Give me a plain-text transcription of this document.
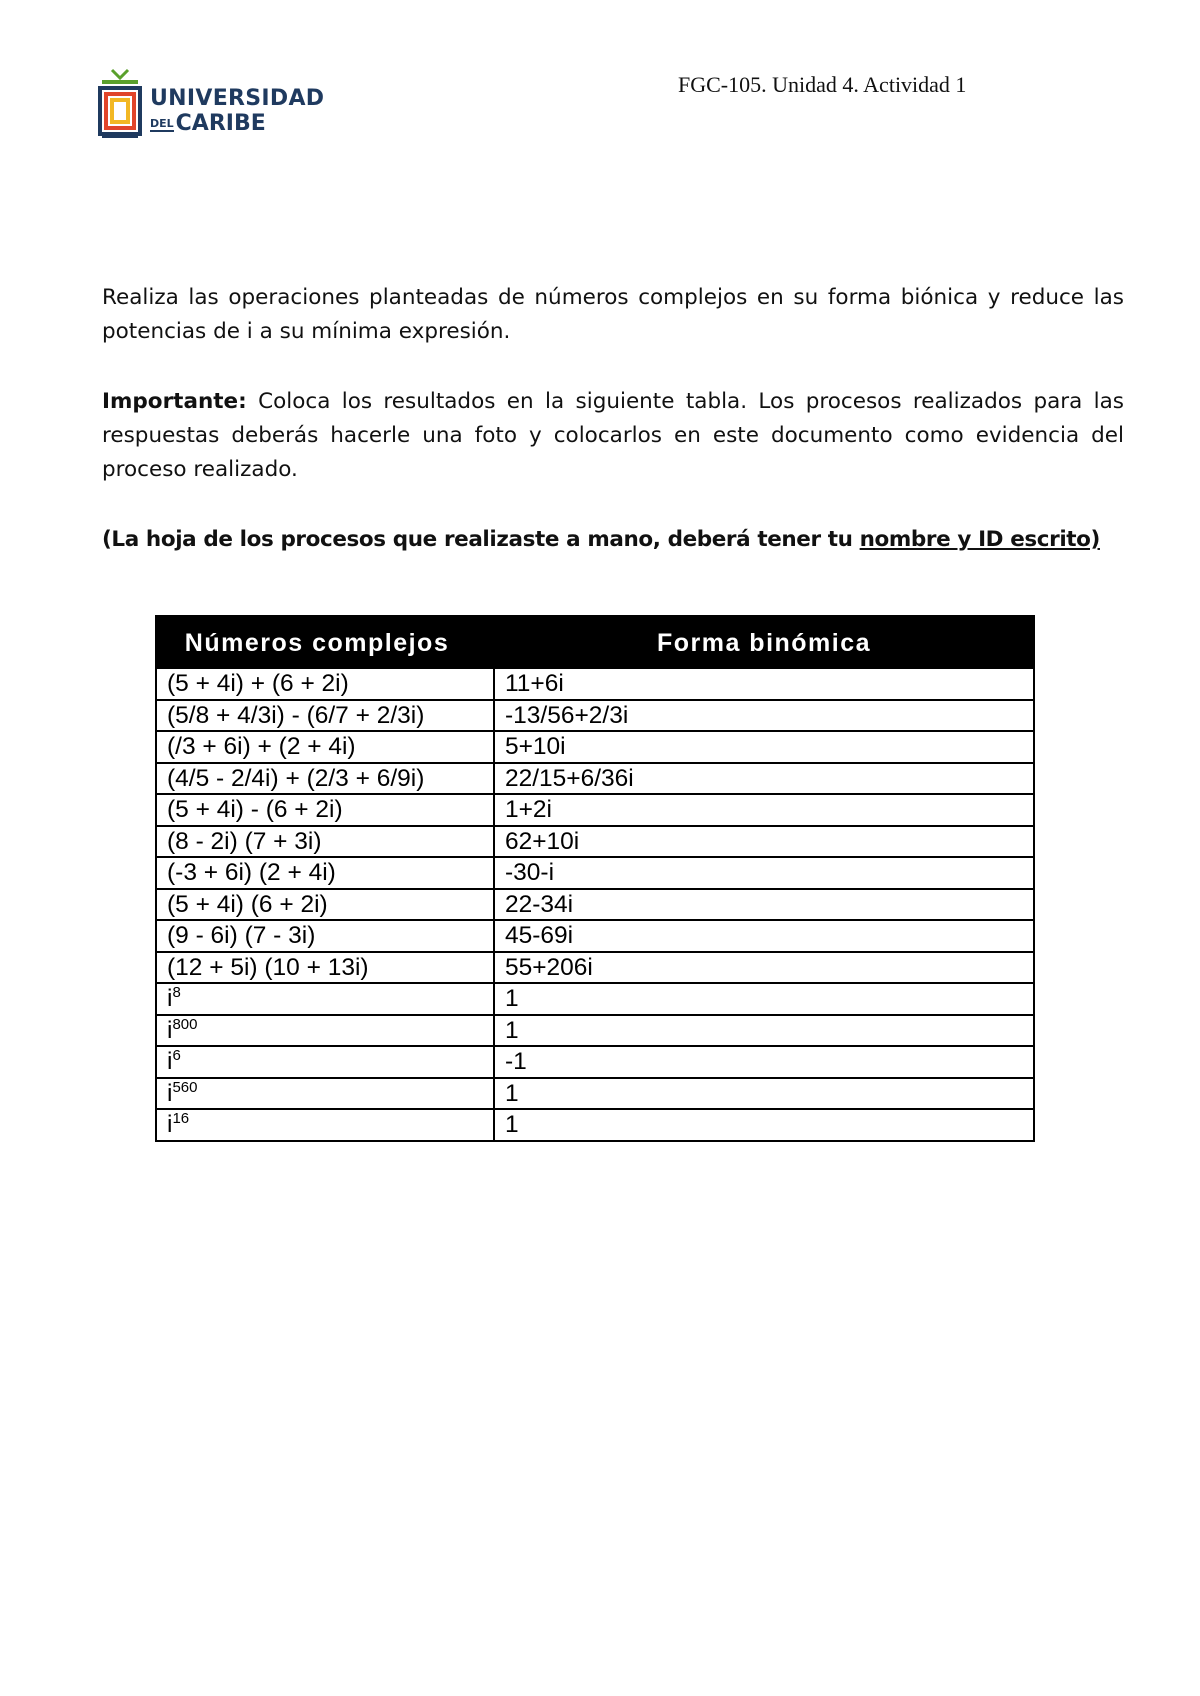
UNIVERSIDAD
DELCARIBE
FGC-105. Unidad 4. Actividad 1

Realiza las operaciones planteadas de números complejos en su forma biónica y reduce las potencias de i a su mínima expresión.

Importante: Coloca los resultados en la siguiente tabla. Los procesos realizados para las respuestas deberás hacerle una foto y colocarlos en este documento como evidencia del proceso realizado.

(La hoja de los procesos que realizaste a mano, deberá tener tu nombre y ID escrito)

Números complejos	Forma binómica
(5 + 4i) + (6 + 2i)	11+6i
(5/8 + 4/3i) - (6/7 + 2/3i)	-13/56+2/3i
(/3 + 6i) + (2 + 4i)	5+10i
(4/5 - 2/4i) + (2/3 + 6/9i)	22/15+6/36i
(5 + 4i) - (6 + 2i)	1+2i
(8 - 2i) (7 + 3i)	62+10i
(-3 + 6i) (2 + 4i)	-30-i
(5 + 4i) (6 + 2i)	22-34i
(9 - 6i) (7 - 3i)	45-69i
(12 + 5i) (10 + 13i)	55+206i
$i^8$	1
$i^{800}$	1
$i^6$	-1
$i^{560}$	1
$i^{16}$	1
